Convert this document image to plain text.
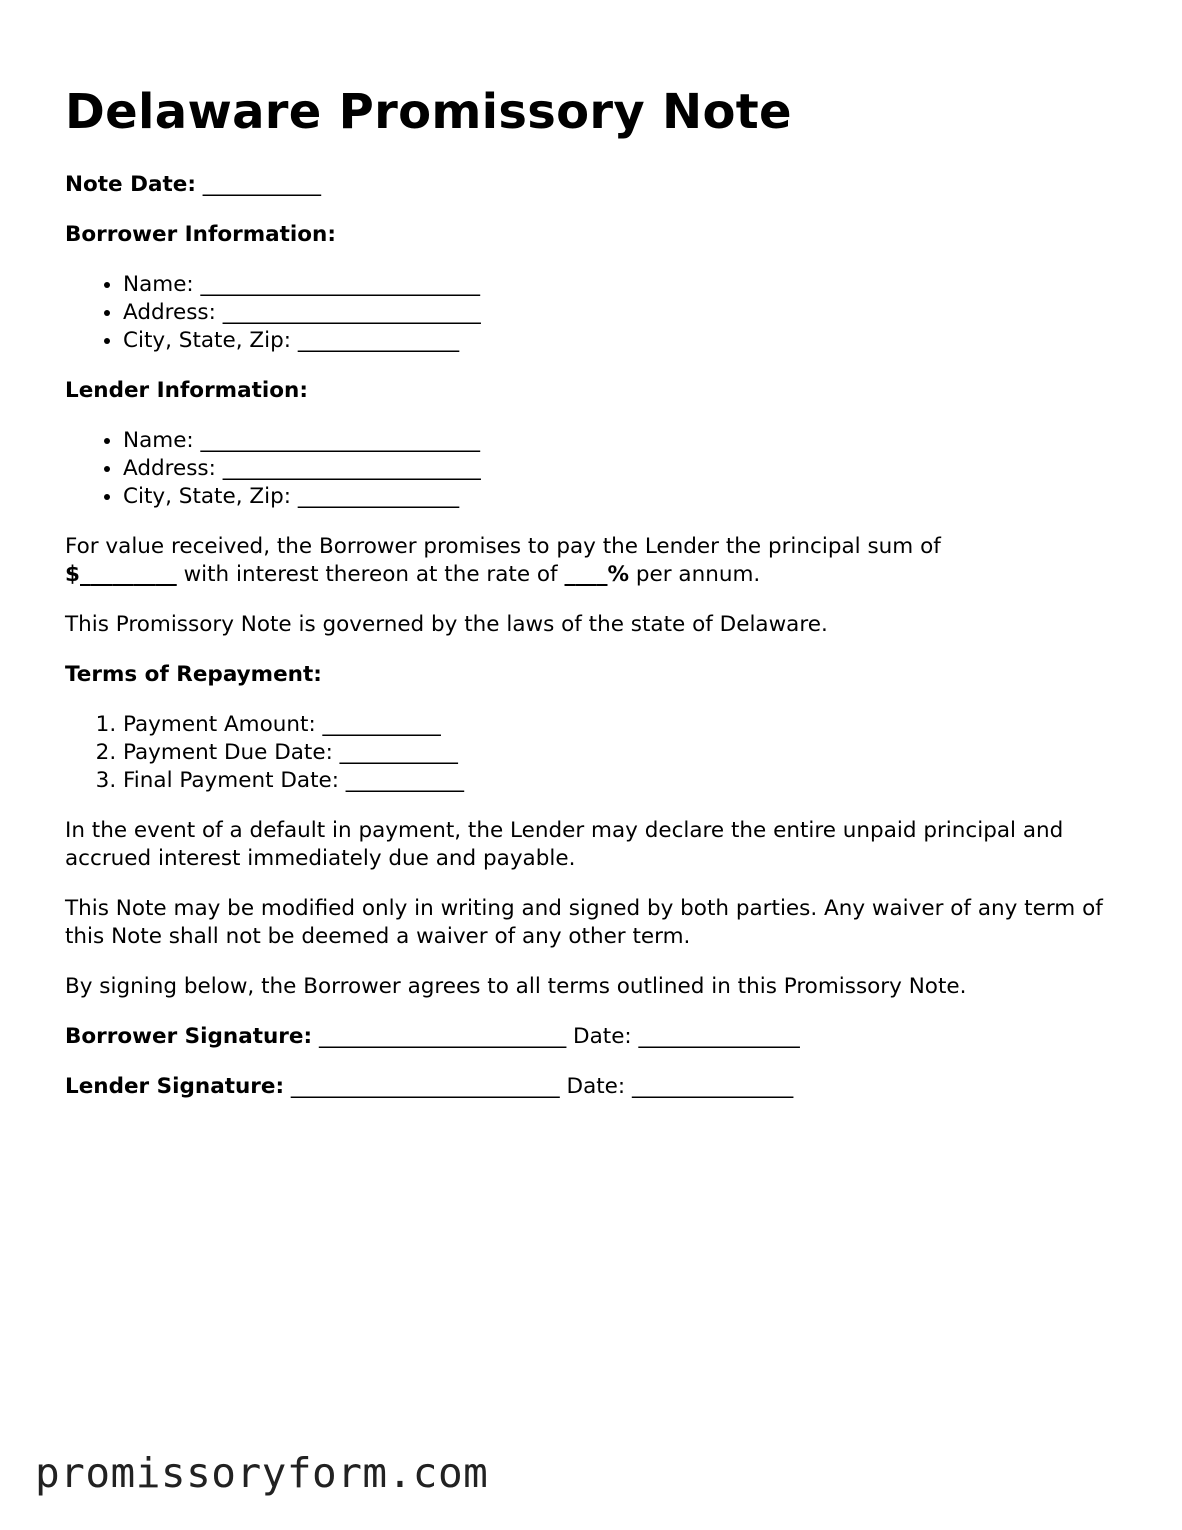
Delaware Promissory Note

Note Date: ___________

Borrower Information:

• Name: __________________________
• Address: ________________________
• City, State, Zip: _______________

Lender Information:

• Name: __________________________
• Address: ________________________
• City, State, Zip: _______________

For value received, the Borrower promises to pay the Lender the principal sum of
$_________ with interest thereon at the rate of ____% per annum.

This Promissory Note is governed by the laws of the state of Delaware.

Terms of Repayment:

1. Payment Amount: ___________
2. Payment Due Date: ___________
3. Final Payment Date: ___________

In the event of a default in payment, the Lender may declare the entire unpaid principal and accrued interest immediately due and payable.

This Note may be modified only in writing and signed by both parties. Any waiver of any term of this Note shall not be deemed a waiver of any other term.

By signing below, the Borrower agrees to all terms outlined in this Promissory Note.

Borrower Signature: _______________________ Date: _______________

Lender Signature: _________________________ Date: _______________

promissoryform.com
